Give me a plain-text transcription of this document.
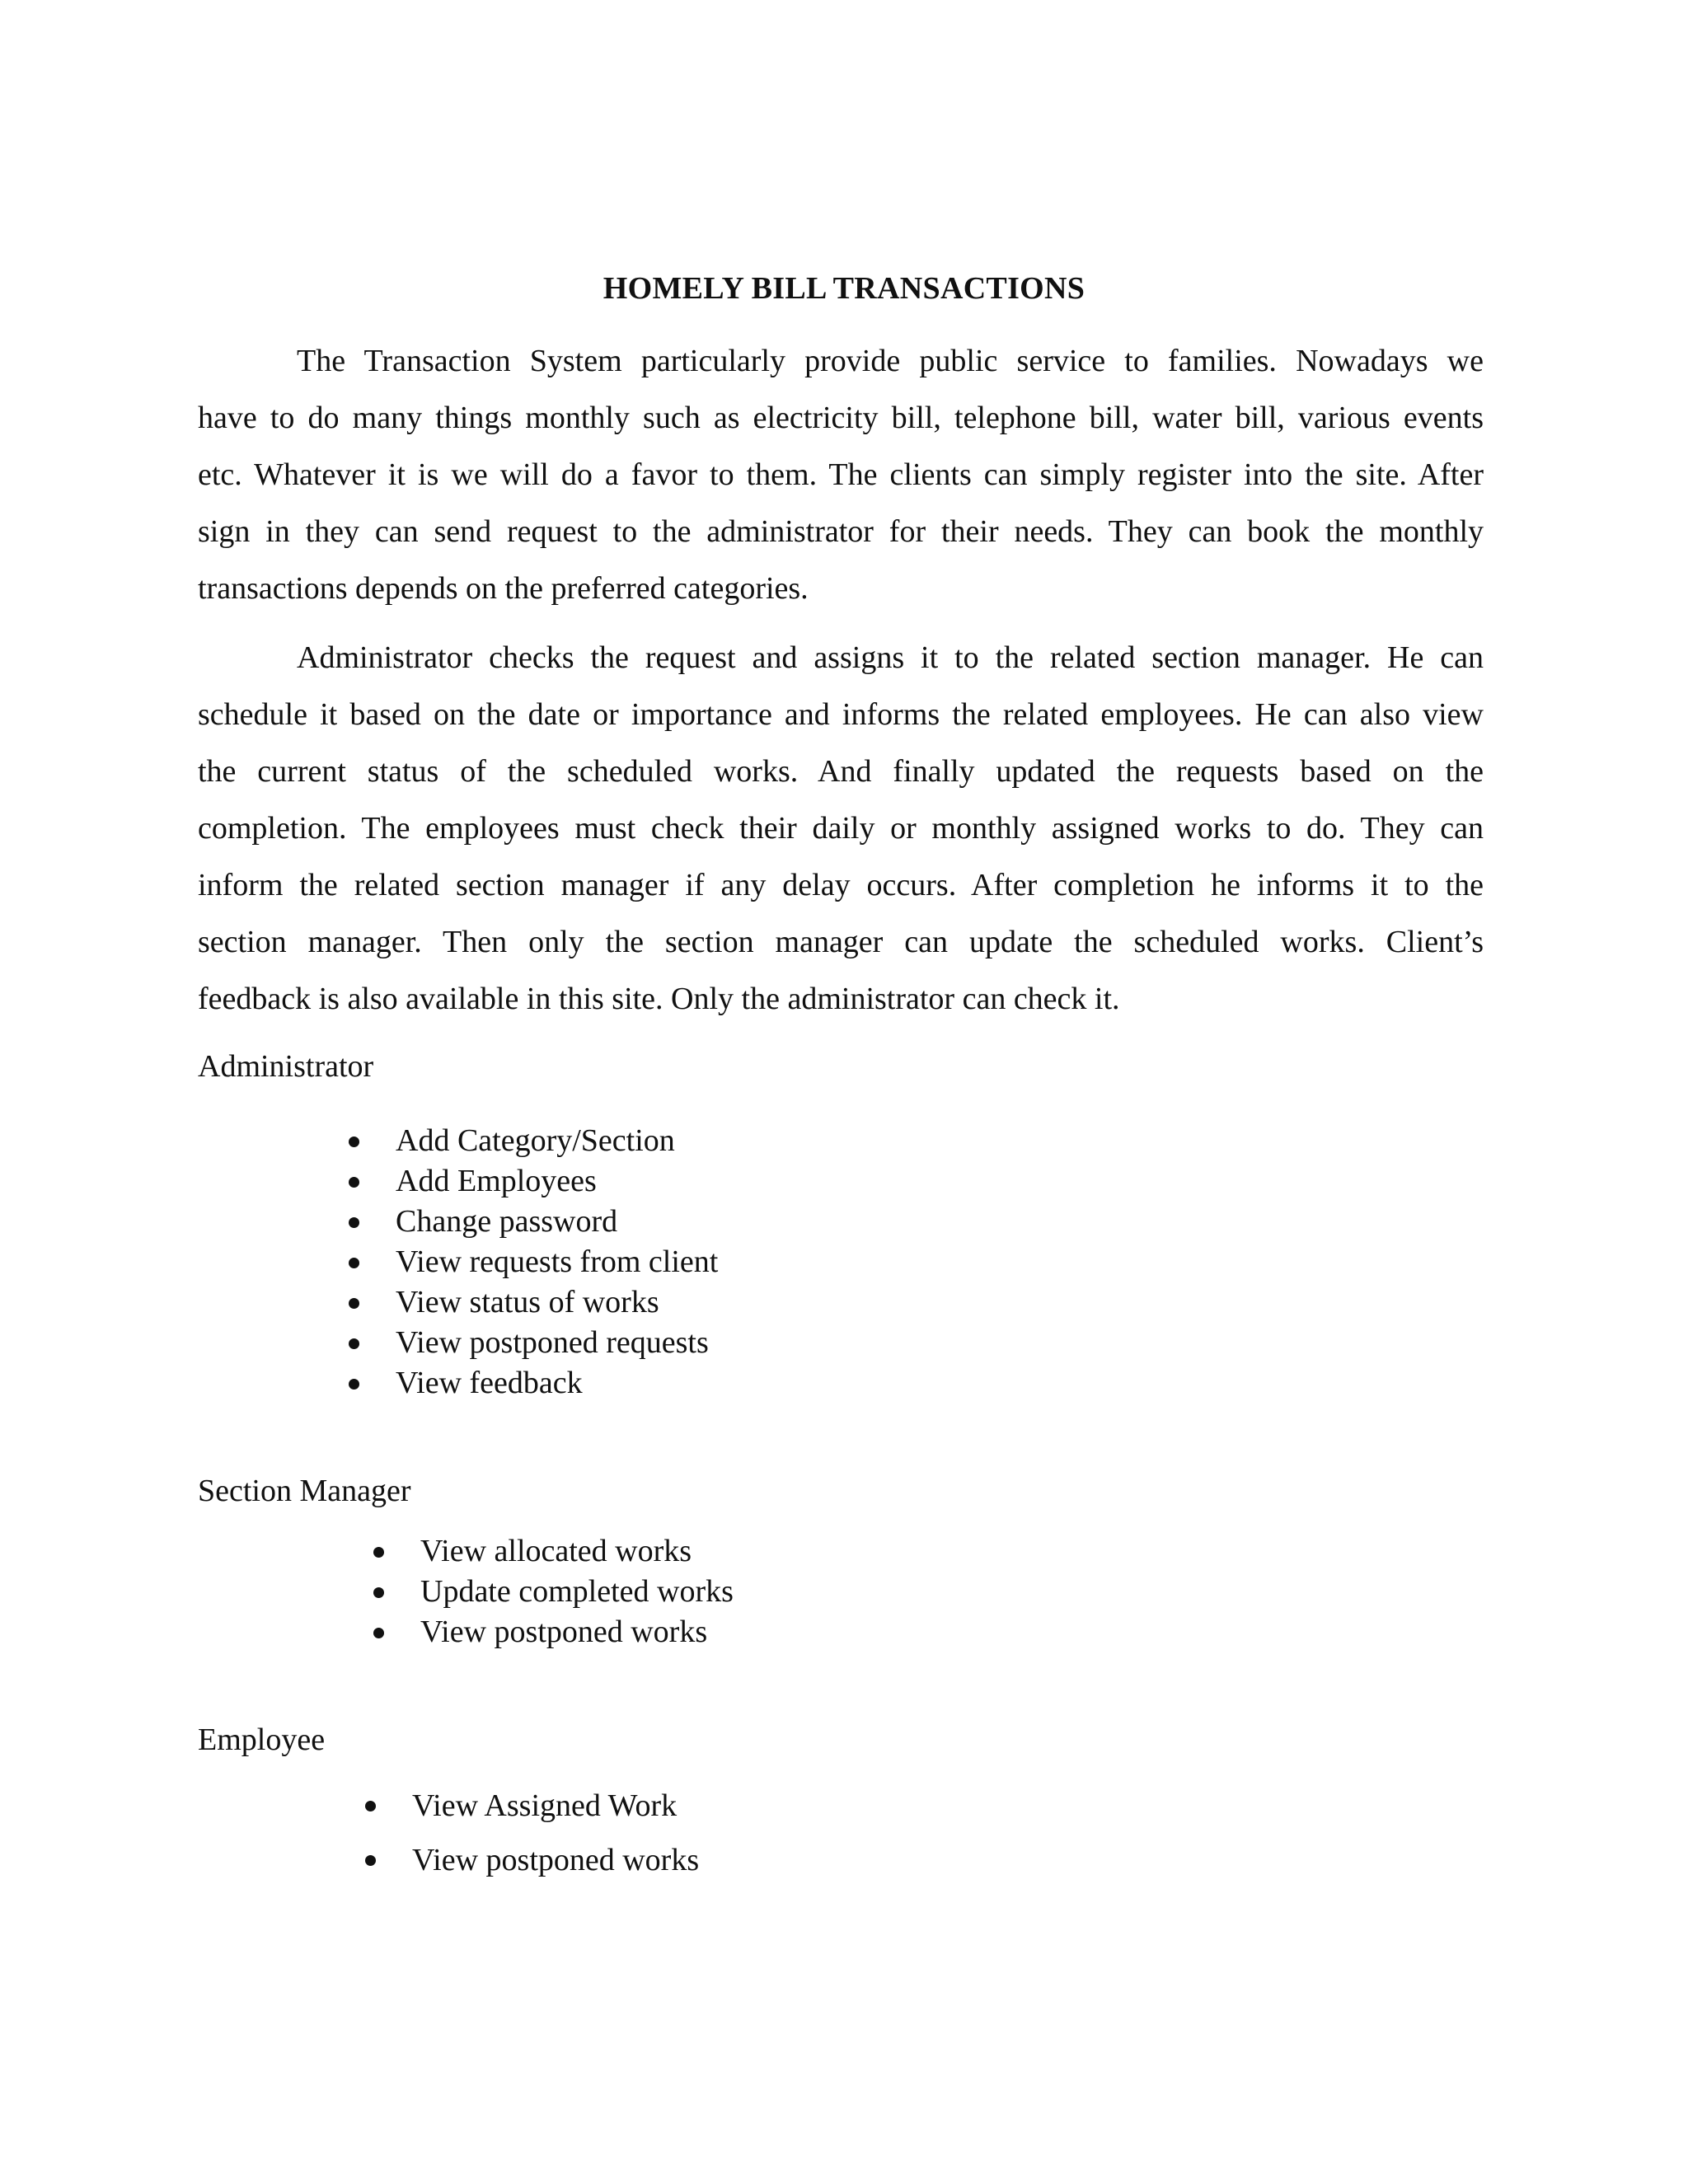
HOMELY BILL TRANSACTIONS

The Transaction System particularly provide public service to families. Nowadays we
have to do many things monthly such as electricity bill, telephone bill, water bill, various events
etc. Whatever it is we will do a favor to them. The clients can simply register into the site. After
sign in they can send request to the administrator for their needs. They can book the monthly
transactions depends on the preferred categories.

Administrator checks the request and assigns it to the related section manager. He can
schedule it based on the date or importance and informs the related employees. He can also view
the current status of the scheduled works. And finally updated the requests based on the
completion. The employees must check their daily or monthly assigned works to do. They can
inform the related section manager if any delay occurs. After completion he informs it to the
section manager. Then only the section manager can update the scheduled works. Client’s
feedback is also available in this site. Only the administrator can check it.

Administrator
Add Category/Section
Add Employees
Change password
View requests from client
View status of works
View postponed requests
View feedback
Section Manager
View allocated works
Update completed works
View postponed works
Employee
View Assigned Work
View postponed works
